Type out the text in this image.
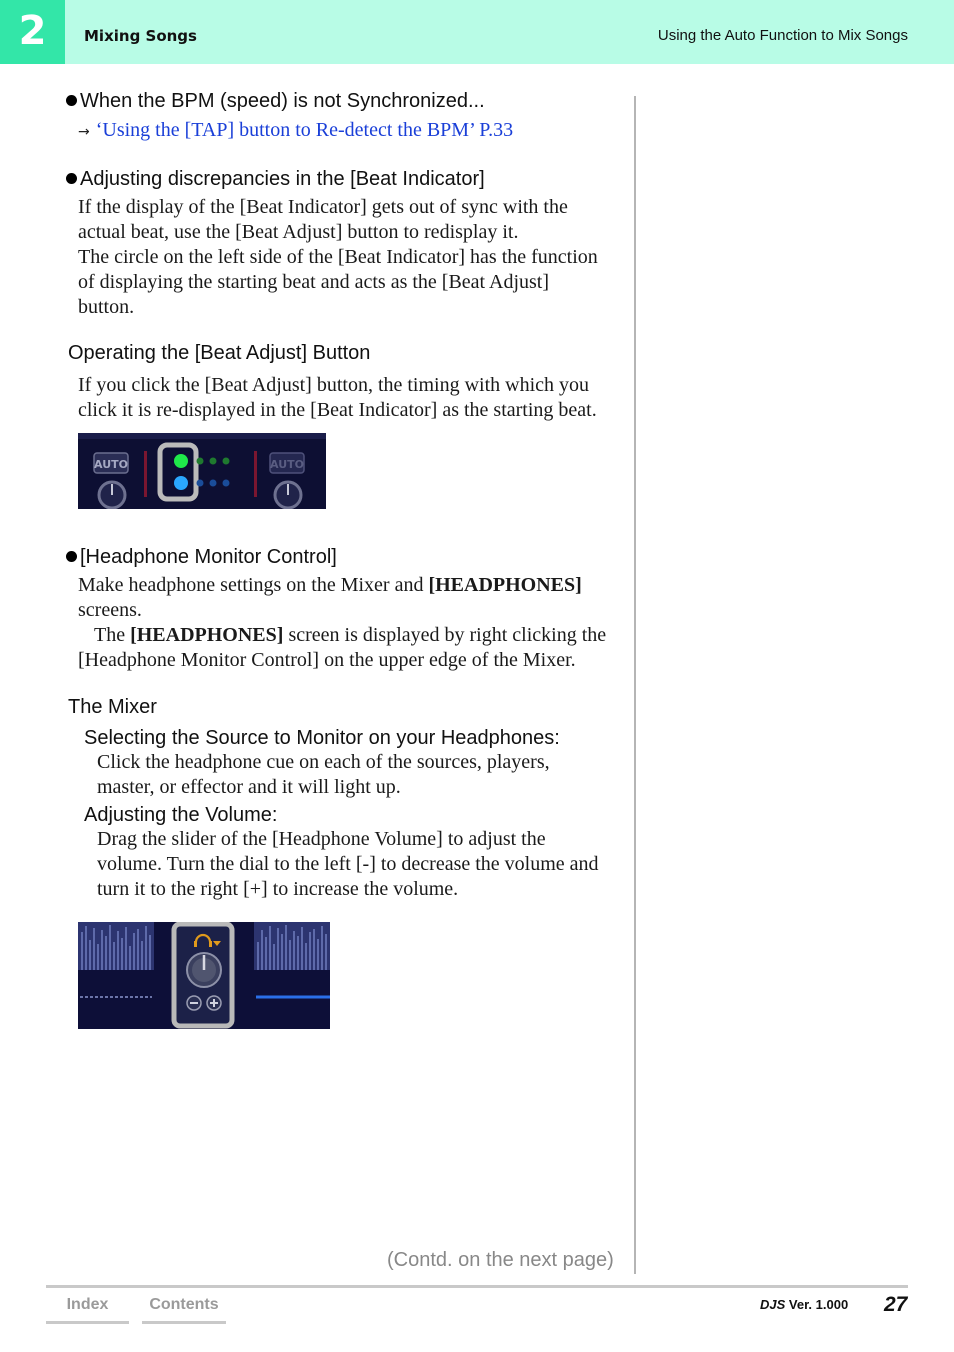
2	Mixing Songs	Using the Auto Function to Mix Songs
When the BPM (speed) is not Synchronized...
→ ‘Using the [TAP] button to Re-detect the BPM’ P.33
Adjusting discrepancies in the [Beat Indicator]
If the display of the [Beat Indicator] gets out of sync with the
actual beat, use the [Beat Adjust] button to redisplay it.
The circle on the left side of the [Beat Indicator] has the function
of displaying the starting beat and acts as the [Beat Adjust]
button.
Operating the [Beat Adjust] Button
If you click the [Beat Adjust] button, the timing with which you
click it is re-displayed in the [Beat Indicator] as the starting beat.
AUTO	AUTO
[Headphone Monitor Control]
Make headphone settings on the Mixer and [HEADPHONES]
screens.
The [HEADPHONES] screen is displayed by right clicking the
[Headphone Monitor Control] on the upper edge of the Mixer.
The Mixer
Selecting the Source to Monitor on your Headphones:
Click the headphone cue on each of the sources, players,
master, or effector and it will light up.
Adjusting the Volume:
Drag the slider of the [Headphone Volume] to adjust the
volume. Turn the dial to the left [-] to decrease the volume and
turn it to the right [+] to increase the volume.
(Contd. on the next page)
Index	Contents	DJS Ver. 1.000 27
